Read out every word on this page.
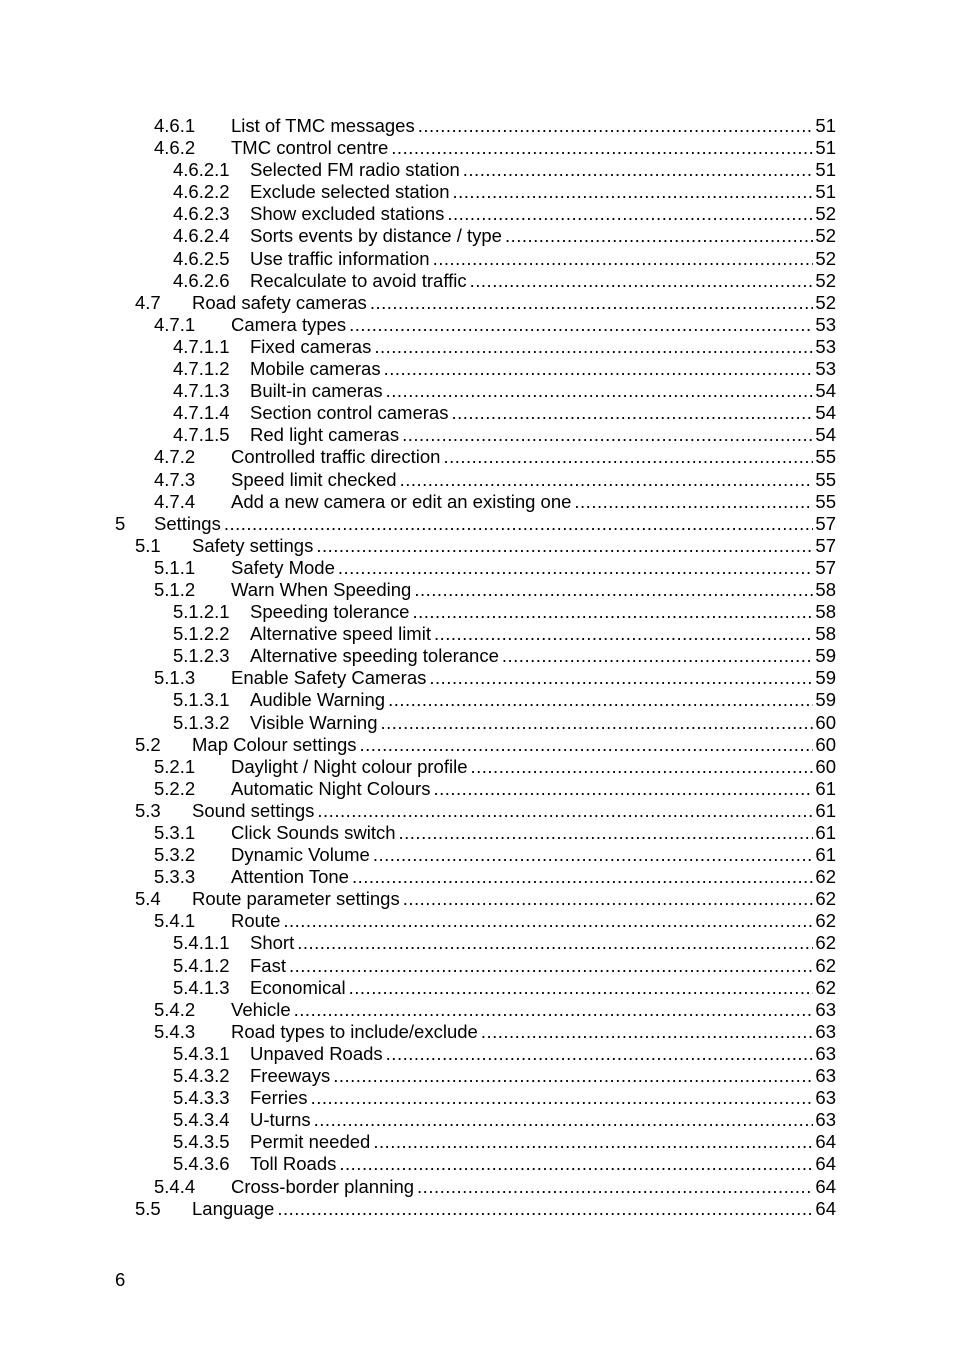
4.6.1 List of TMC messages .....	51
4.6.2 TMC control centre .....	51
4.6.2.1 Selected FM radio station .....	51
4.6.2.2 Exclude selected station .....	51
4.6.2.3 Show excluded stations .....	52
4.6.2.4 Sorts events by distance / type .....	52
4.6.2.5 Use traffic information .....	52
4.6.2.6 Recalculate to avoid traffic .....	52
4.7 Road safety cameras .....	52
4.7.1 Camera types .....	53
4.7.1.1 Fixed cameras .....	53
4.7.1.2 Mobile cameras .....	53
4.7.1.3 Built-in cameras .....	54
4.7.1.4 Section control cameras .....	54
4.7.1.5 Red light cameras .....	54
4.7.2 Controlled traffic direction .....	55
4.7.3 Speed limit checked .....	55
4.7.4 Add a new camera or edit an existing one .....	55
5 Settings .....	57
5.1 Safety settings .....	57
5.1.1 Safety Mode .....	57
5.1.2 Warn When Speeding .....	58
5.1.2.1 Speeding tolerance .....	58
5.1.2.2 Alternative speed limit .....	58
5.1.2.3 Alternative speeding tolerance .....	59
5.1.3 Enable Safety Cameras .....	59
5.1.3.1 Audible Warning .....	59
5.1.3.2 Visible Warning .....	60
5.2 Map Colour settings .....	60
5.2.1 Daylight / Night colour profile .....	60
5.2.2 Automatic Night Colours .....	61
5.3 Sound settings .....	61
5.3.1 Click Sounds switch .....	61
5.3.2 Dynamic Volume .....	61
5.3.3 Attention Tone .....	62
5.4 Route parameter settings .....	62
5.4.1 Route .....	62
5.4.1.1 Short .....	62
5.4.1.2 Fast .....	62
5.4.1.3 Economical .....	62
5.4.2 Vehicle .....	63
5.4.3 Road types to include/exclude .....	63
5.4.3.1 Unpaved Roads .....	63
5.4.3.2 Freeways .....	63
5.4.3.3 Ferries .....	63
5.4.3.4 U-turns .....	63
5.4.3.5 Permit needed .....	64
5.4.3.6 Toll Roads .....	64
5.4.4 Cross-border planning .....	64
5.5 Language .....	64
6
